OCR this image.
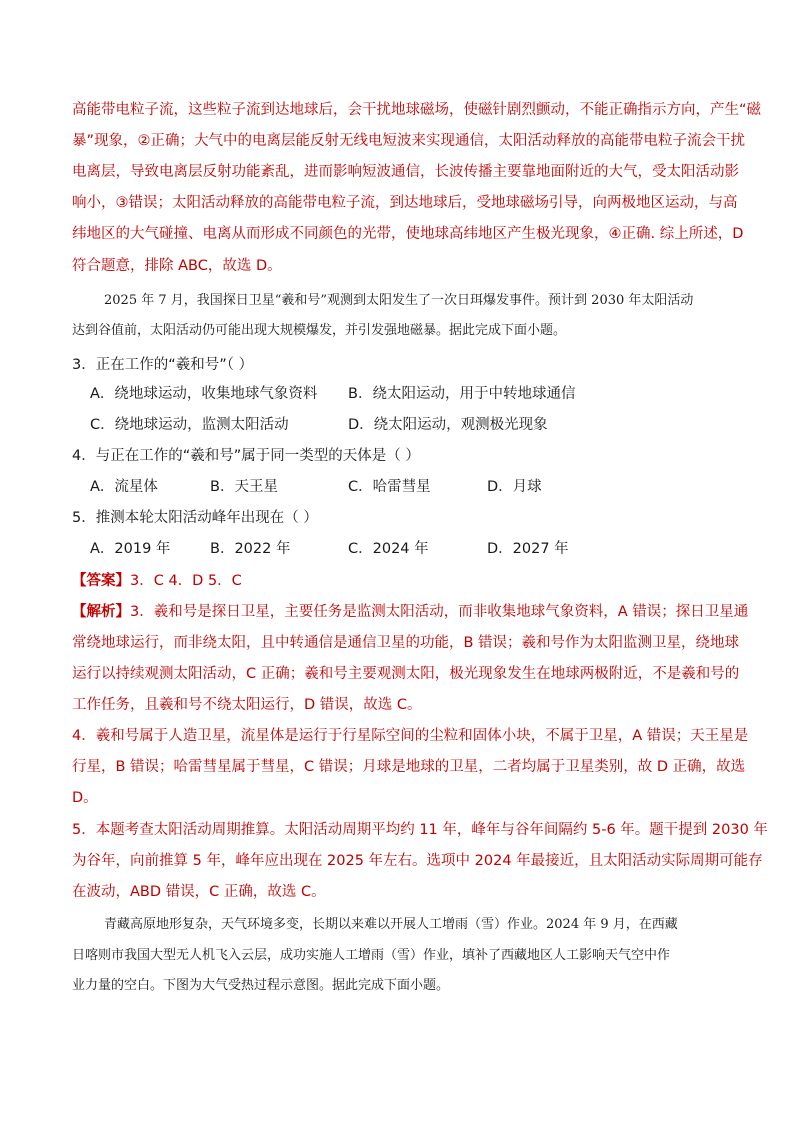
高能带电粒子流，这些粒子流到达地球后，会干扰地球磁场，使磁针剧烈颤动，不能正确指示方向，产生“磁
暴”现象，②正确；大气中的电离层能反射无线电短波来实现通信，太阳活动释放的高能带电粒子流会干扰
电离层，导致电离层反射功能紊乱，进而影响短波通信，长波传播主要靠地面附近的大气，受太阳活动影
响小，③错误；太阳活动释放的高能带电粒子流，到达地球后，受地球磁场引导，向两极地区运动，与高
纬地区的大气碰撞、电离从而形成不同颜色的光带，使地球高纬地区产生极光现象，④正确. 综上所述，D
符合题意，排除 ABC，故选 D。
2025 年 7 月，我国探日卫星“羲和号”观测到太阳发生了一次日珥爆发事件。预计到 2030 年太阳活动
达到谷值前，太阳活动仍可能出现大规模爆发，并引发强地磁暴。据此完成下面小题。
3．正在工作的“羲和号”（ ）
A．绕地球运动，收集地球气象资料 B．绕太阳运动，用于中转地球通信
C．绕地球运动，监测太阳活动	D．绕太阳运动，观测极光现象
4．与正在工作的“羲和号”属于同一类型的天体是（ ）
A．流星体	B．天王星	C．哈雷彗星	D．月球
5．推测本轮太阳活动峰年出现在（ ）
A．2019 年	B．2022 年	C．2024 年	D．2027 年
【答案】3．C 4．D 5．C
【解析】3．羲和号是探日卫星，主要任务是监测太阳活动，而非收集地球气象资料，A 错误；探日卫星通
常绕地球运行，而非绕太阳，且中转通信是通信卫星的功能，B 错误；羲和号作为太阳监测卫星，绕地球
运行以持续观测太阳活动，C 正确；羲和号主要观测太阳，极光现象发生在地球两极附近，不是羲和号的
工作任务，且羲和号不绕太阳运行，D 错误，故选 C。
4．羲和号属于人造卫星，流星体是运行于行星际空间的尘粒和固体小块，不属于卫星，A 错误；天王星是
行星，B 错误；哈雷彗星属于彗星，C 错误；月球是地球的卫星，二者均属于卫星类别，故 D 正确，故选
D。
5．本题考查太阳活动周期推算。太阳活动周期平均约 11 年，峰年与谷年间隔约 5-6 年。题干提到 2030 年
为谷年，向前推算 5 年，峰年应出现在 2025 年左右。选项中 2024 年最接近，且太阳活动实际周期可能存
在波动，ABD 错误，C 正确，故选 C。
青藏高原地形复杂，天气环境多变，长期以来难以开展人工增雨（雪）作业。2024 年 9 月，在西藏
日喀则市我国大型无人机飞入云层，成功实施人工增雨（雪）作业，填补了西藏地区人工影响天气空中作
业力量的空白。下图为大气受热过程示意图。据此完成下面小题。
